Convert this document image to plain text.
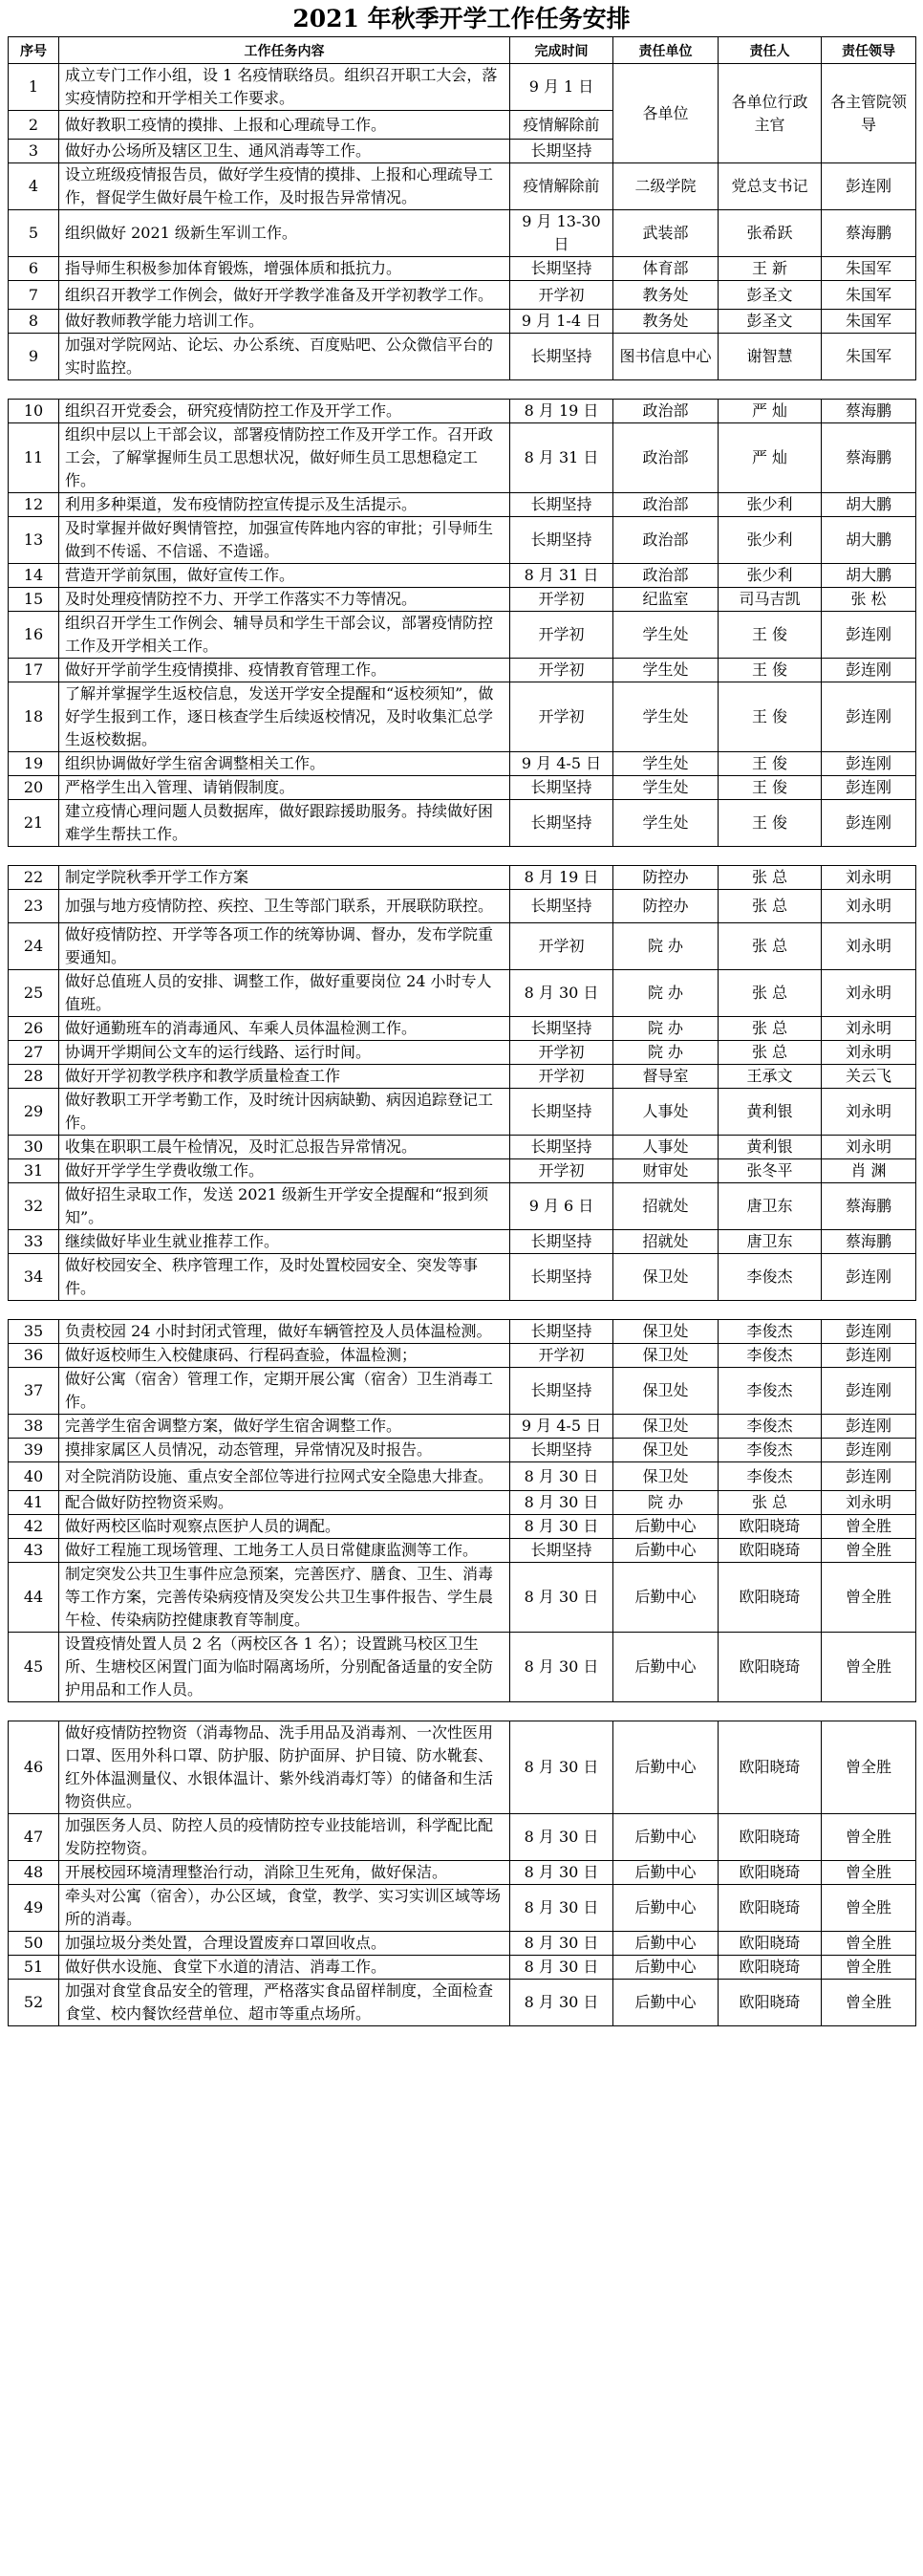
2021 年秋季开学工作任务安排
序号	工作任务内容	完成时间	责任单位	责任人	责任领导
1	成立专门工作小组，设 1 名疫情联络员。组织召开职工大会，落实疫情防控和开学相关工作要求。	9 月 1 日	各单位	各单位行政主官	各主管院领导
2	做好教职工疫情的摸排、上报和心理疏导工作。	疫情解除前			
3	做好办公场所及辖区卫生、通风消毒等工作。	长期坚持			
4	设立班级疫情报告员，做好学生疫情的摸排、上报和心理疏导工作，督促学生做好晨午检工作，及时报告异常情况。	疫情解除前	二级学院	党总支书记	彭连刚
5	组织做好 2021 级新生军训工作。	9 月 13-30 日	武装部	张希跃	蔡海鹏
6	指导师生积极参加体育锻炼，增强体质和抵抗力。	长期坚持	体育部	王 新	朱国军
7	组织召开教学工作例会，做好开学教学准备及开学初教学工作。	开学初	教务处	彭圣文	朱国军
8	做好教师教学能力培训工作。	9 月 1-4 日	教务处	彭圣文	朱国军
9	加强对学院网站、论坛、办公系统、百度贴吧、公众微信平台的实时监控。	长期坚持	图书信息中心	谢智慧	朱国军

10	组织召开党委会，研究疫情防控工作及开学工作。	8 月 19 日	政治部	严 灿	蔡海鹏
11	组织中层以上干部会议，部署疫情防控工作及开学工作。召开政工会，了解掌握师生员工思想状况，做好师生员工思想稳定工作。	8 月 31 日	政治部	严 灿	蔡海鹏
12	利用多种渠道，发布疫情防控宣传提示及生活提示。	长期坚持	政治部	张少利	胡大鹏
13	及时掌握并做好舆情管控，加强宣传阵地内容的审批；引导师生做到不传谣、不信谣、不造谣。	长期坚持	政治部	张少利	胡大鹏
14	营造开学前氛围，做好宣传工作。	8 月 31 日	政治部	张少利	胡大鹏
15	及时处理疫情防控不力、开学工作落实不力等情况。	开学初	纪监室	司马吉凯	张 松
16	组织召开学生工作例会、辅导员和学生干部会议，部署疫情防控工作及开学相关工作。	开学初	学生处	王 俊	彭连刚
17	做好开学前学生疫情摸排、疫情教育管理工作。	开学初	学生处	王 俊	彭连刚
18	了解并掌握学生返校信息，发送开学安全提醒和“返校须知”，做好学生报到工作，逐日核查学生后续返校情况，及时收集汇总学生返校数据。	开学初	学生处	王 俊	彭连刚
19	组织协调做好学生宿舍调整相关工作。	9 月 4-5 日	学生处	王 俊	彭连刚
20	严格学生出入管理、请销假制度。	长期坚持	学生处	王 俊	彭连刚
21	建立疫情心理问题人员数据库，做好跟踪援助服务。持续做好困难学生帮扶工作。	长期坚持	学生处	王 俊	彭连刚

22	制定学院秋季开学工作方案	8 月 19 日	防控办	张 总	刘永明
23	加强与地方疫情防控、疾控、卫生等部门联系，开展联防联控。	长期坚持	防控办	张 总	刘永明
24	做好疫情防控、开学等各项工作的统筹协调、督办，发布学院重要通知。	开学初	院 办	张 总	刘永明
25	做好总值班人员的安排、调整工作，做好重要岗位 24 小时专人值班。	8 月 30 日	院 办	张 总	刘永明
26	做好通勤班车的消毒通风、车乘人员体温检测工作。	长期坚持	院 办	张 总	刘永明
27	协调开学期间公文车的运行线路、运行时间。	开学初	院 办	张 总	刘永明
28	做好开学初教学秩序和教学质量检查工作	开学初	督导室	王承文	关云飞
29	做好教职工开学考勤工作，及时统计因病缺勤、病因追踪登记工作。	长期坚持	人事处	黄利银	刘永明
30	收集在职职工晨午检情况，及时汇总报告异常情况。	长期坚持	人事处	黄利银	刘永明
31	做好开学学生学费收缴工作。	开学初	财审处	张冬平	肖 渊
32	做好招生录取工作，发送 2021 级新生开学安全提醒和“报到须知”。	9 月 6 日	招就处	唐卫东	蔡海鹏
33	继续做好毕业生就业推荐工作。	长期坚持	招就处	唐卫东	蔡海鹏
34	做好校园安全、秩序管理工作，及时处置校园安全、突发等事件。	长期坚持	保卫处	李俊杰	彭连刚

35	负责校园 24 小时封闭式管理，做好车辆管控及人员体温检测。	长期坚持	保卫处	李俊杰	彭连刚
36	做好返校师生入校健康码、行程码查验，体温检测；	开学初	保卫处	李俊杰	彭连刚
37	做好公寓（宿舍）管理工作，定期开展公寓（宿舍）卫生消毒工作。	长期坚持	保卫处	李俊杰	彭连刚
38	完善学生宿舍调整方案，做好学生宿舍调整工作。	9 月 4-5 日	保卫处	李俊杰	彭连刚
39	摸排家属区人员情况，动态管理，异常情况及时报告。	长期坚持	保卫处	李俊杰	彭连刚
40	对全院消防设施、重点安全部位等进行拉网式安全隐患大排查。	8 月 30 日	保卫处	李俊杰	彭连刚
41	配合做好防控物资采购。	8 月 30 日	院 办	张 总	刘永明
42	做好两校区临时观察点医护人员的调配。	8 月 30 日	后勤中心	欧阳晓琦	曾全胜
43	做好工程施工现场管理、工地务工人员日常健康监测等工作。	长期坚持	后勤中心	欧阳晓琦	曾全胜
44	制定突发公共卫生事件应急预案，完善医疗、膳食、卫生、消毒等工作方案，完善传染病疫情及突发公共卫生事件报告、学生晨午检、传染病防控健康教育等制度。	8 月 30 日	后勤中心	欧阳晓琦	曾全胜
45	设置疫情处置人员 2 名（两校区各 1 名）；设置跳马校区卫生所、生塘校区闲置门面为临时隔离场所，分别配备适量的安全防护用品和工作人员。	8 月 30 日	后勤中心	欧阳晓琦	曾全胜

46	做好疫情防控物资（消毒物品、洗手用品及消毒剂、一次性医用口罩、医用外科口罩、防护服、防护面屏、护目镜、防水靴套、红外体温测量仪、水银体温计、紫外线消毒灯等）的储备和生活物资供应。	8 月 30 日	后勤中心	欧阳晓琦	曾全胜
47	加强医务人员、防控人员的疫情防控专业技能培训，科学配比配发防控物资。	8 月 30 日	后勤中心	欧阳晓琦	曾全胜
48	开展校园环境清理整治行动，消除卫生死角，做好保洁。	8 月 30 日	后勤中心	欧阳晓琦	曾全胜
49	牵头对公寓（宿舍），办公区域，食堂，教学、实习实训区域等场所的消毒。	8 月 30 日	后勤中心	欧阳晓琦	曾全胜
50	加强垃圾分类处置，合理设置废弃口罩回收点。	8 月 30 日	后勤中心	欧阳晓琦	曾全胜
51	做好供水设施、食堂下水道的清洁、消毒工作。	8 月 30 日	后勤中心	欧阳晓琦	曾全胜
52	加强对食堂食品安全的管理，严格落实食品留样制度，全面检查食堂、校内餐饮经营单位、超市等重点场所。	8 月 30 日	后勤中心	欧阳晓琦	曾全胜
